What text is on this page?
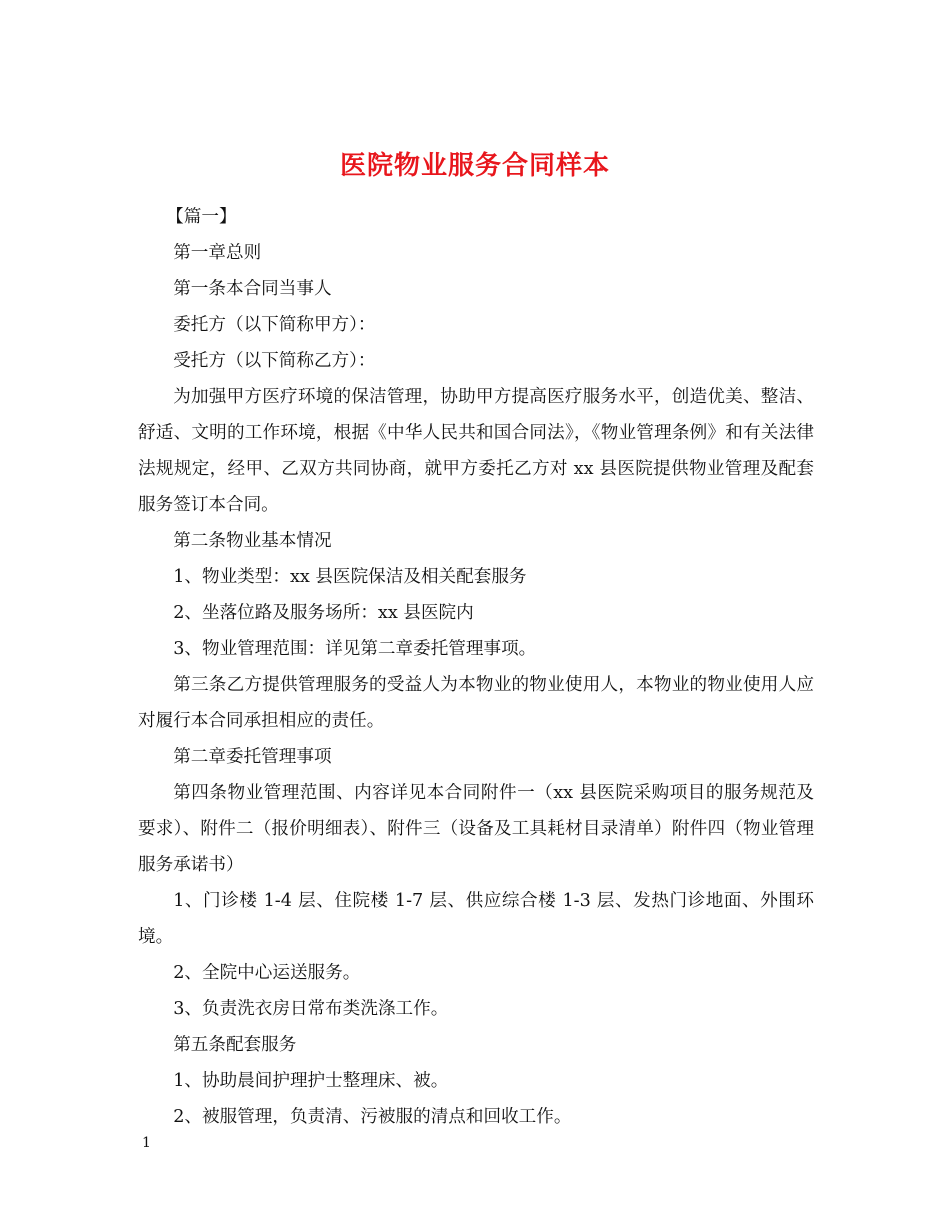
医院物业服务合同样本

【篇一】

第一章总则

第一条本合同当事人

委托方（以下简称甲方）：

受托方（以下简称乙方）：

为加强甲方医疗环境的保洁管理，协助甲方提高医疗服务水平，创造优美、整洁、舒适、文明的工作环境，根据《中华人民共和国合同法》，《物业管理条例》和有关法律法规规定，经甲、乙双方共同协商，就甲方委托乙方对 xx 县医院提供物业管理及配套服务签订本合同。

第二条物业基本情况

1、物业类型：xx 县医院保洁及相关配套服务

2、坐落位路及服务场所：xx 县医院内

3、物业管理范围：详见第二章委托管理事项。

第三条乙方提供管理服务的受益人为本物业的物业使用人，本物业的物业使用人应对履行本合同承担相应的责任。

第二章委托管理事项

第四条物业管理范围、内容详见本合同附件一（xx 县医院采购项目的服务规范及要求）、附件二（报价明细表）、附件三（设备及工具耗材目录清单）附件四（物业管理服务承诺书）

1、门诊楼 1-4 层、住院楼 1-7 层、供应综合楼 1-3 层、发热门诊地面、外围环境。

2、全院中心运送服务。

3、负责洗衣房日常布类洗涤工作。

第五条配套服务

1、协助晨间护理护士整理床、被。

2、被服管理，负责清、污被服的清点和回收工作。

1
